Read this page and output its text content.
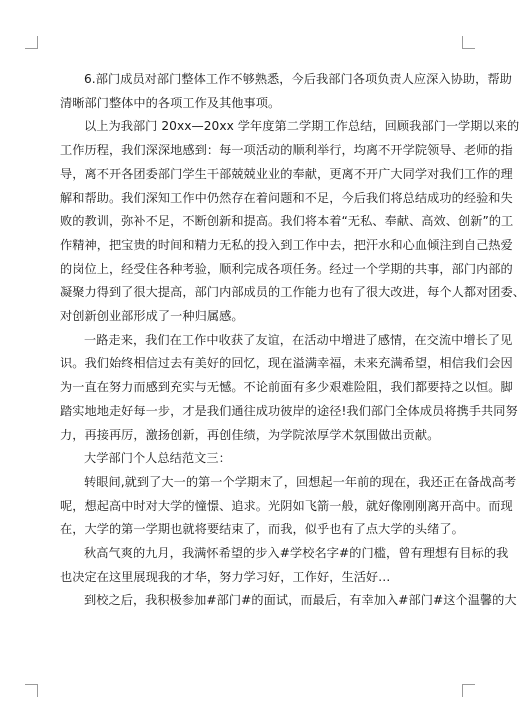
6.部门成员对部门整体工作不够熟悉，今后我部门各项负责人应深入协助，帮助
清晰部门整体中的各项工作及其他事项。

以上为我部门 20xx—20xx 学年度第二学期工作总结，回顾我部门一学期以来的
工作历程，我们深深地感到：每一项活动的顺利举行，均离不开学院领导、老师的指
导，离不开各团委部门学生干部兢兢业业的奉献，更离不开广大同学对我们工作的理
解和帮助。我们深知工作中仍然存在着问题和不足，今后我们将总结成功的经验和失
败的教训，弥补不足，不断创新和提高。我们将本着“无私、奉献、高效、创新”的工
作精神，把宝贵的时间和精力无私的投入到工作中去，把汗水和心血倾注到自己热爱
的岗位上，经受住各种考验，顺利完成各项任务。经过一个学期的共事，部门内部的
凝聚力得到了很大提高，部门内部成员的工作能力也有了很大改进，每个人都对团委、
对创新创业部形成了一种归属感。

一路走来，我们在工作中收获了友谊，在活动中增进了感情，在交流中增长了见
识。我们始终相信过去有美好的回忆，现在溢满幸福，未来充满希望，相信我们会因
为一直在努力而感到充实与无憾。不论前面有多少艰难险阻，我们都要持之以恒。脚
踏实地地走好每一步，才是我们通往成功彼岸的途径!我们部门全体成员将携手共同努
力，再接再厉，激扬创新，再创佳绩，为学院浓厚学术氛围做出贡献。

大学部门个人总结范文三：

转眼间,就到了大一的第一个学期末了，回想起一年前的现在，我还正在备战高考
呢，想起高中时对大学的憧憬、追求。光阴如飞箭一般，就好像刚刚离开高中。而现
在，大学的第一学期也就将要结束了，而我，似乎也有了点大学的头绪了。

秋高气爽的九月，我满怀希望的步入#学校名字#的门槛，曾有理想有目标的我
也决定在这里展现我的才华，努力学习好，工作好，生活好…

到校之后，我积极参加#部门#的面试，而最后，有幸加入#部门#这个温馨的大
